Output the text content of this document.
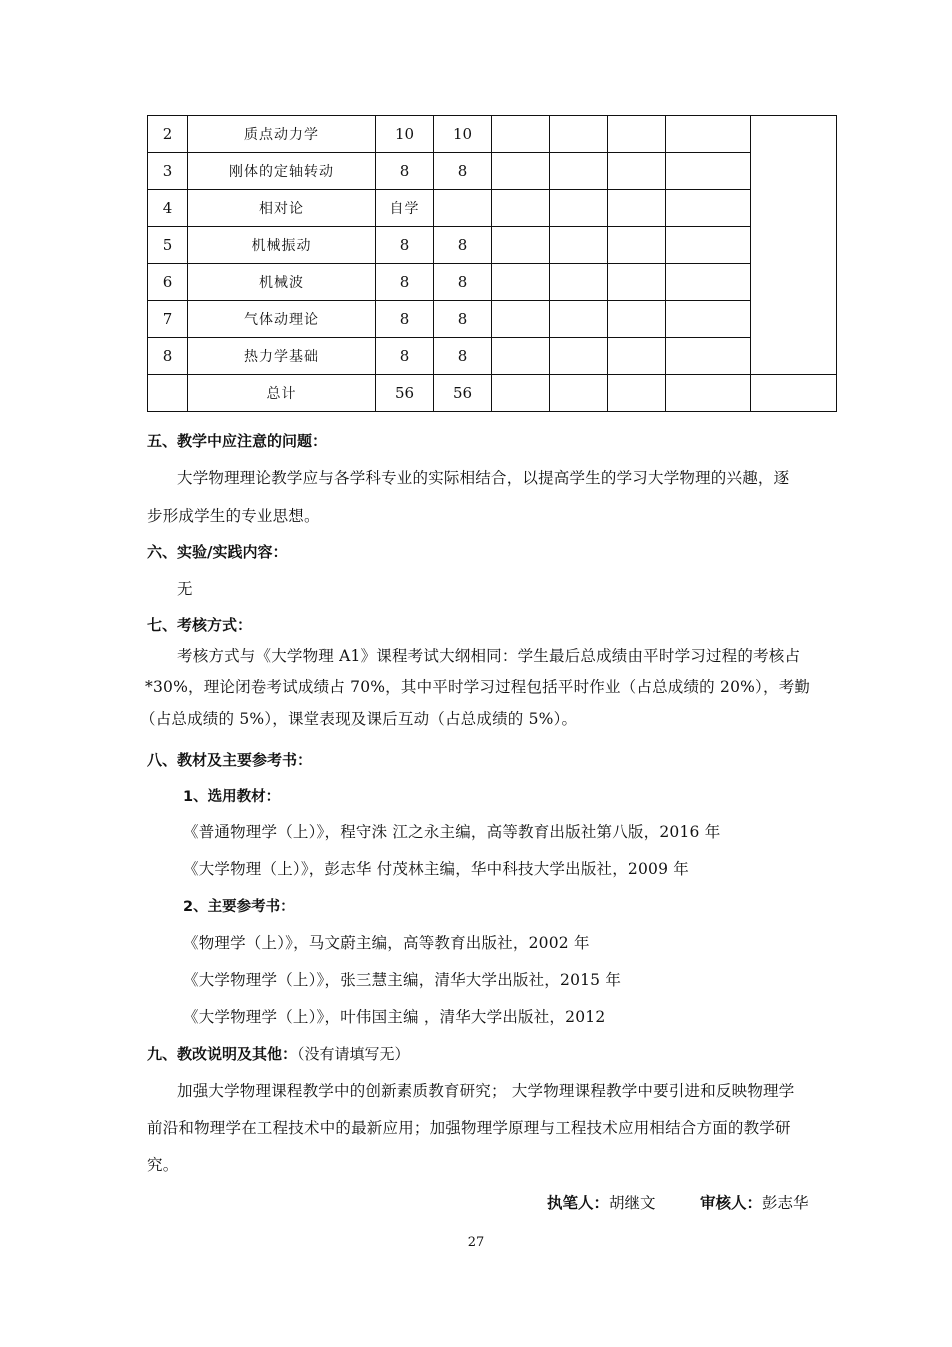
2	质点动力学	10	10					
3	刚体的定轴转动	8	8					
4	相对论	自学						
5	机械振动	8	8					
6	机械波	8	8					
7	气体动理论	8	8					
8	热力学基础	8	8					
	总计	56	56					
五、教学中应注意的问题：
大学物理理论教学应与各学科专业的实际相结合，以提高学生的学习大学物理的兴趣，逐
步形成学生的专业思想。
六、实验/实践内容：
无
七、考核方式：
考核方式与《大学物理 A1》课程考试大纲相同：学生最后总成绩由平时学习过程的考核占
*30%，理论闭卷考试成绩占 70%，其中平时学习过程包括平时作业（占总成绩的 20%），考勤
（占总成绩的 5%），课堂表现及课后互动（占总成绩的 5%）。
八、教材及主要参考书：
1、选用教材：
《普通物理学（上）》，程守洙 江之永主编，高等教育出版社第八版，2016 年
《大学物理（上）》，彭志华 付茂林主编，华中科技大学出版社，2009 年
2、主要参考书：
《物理学（上）》，马文蔚主编，高等教育出版社，2002 年
《大学物理学（上）》，张三慧主编，清华大学出版社，2015 年
《大学物理学（上）》，叶伟国主编 ，清华大学出版社，2012
九、教改说明及其他：（没有请填写无）
加强大学物理课程教学中的创新素质教育研究； 大学物理课程教学中要引进和反映物理学
前沿和物理学在工程技术中的最新应用；加强物理学原理与工程技术应用相结合方面的教学研
究。
执笔人：胡继文	审核人：彭志华
27
